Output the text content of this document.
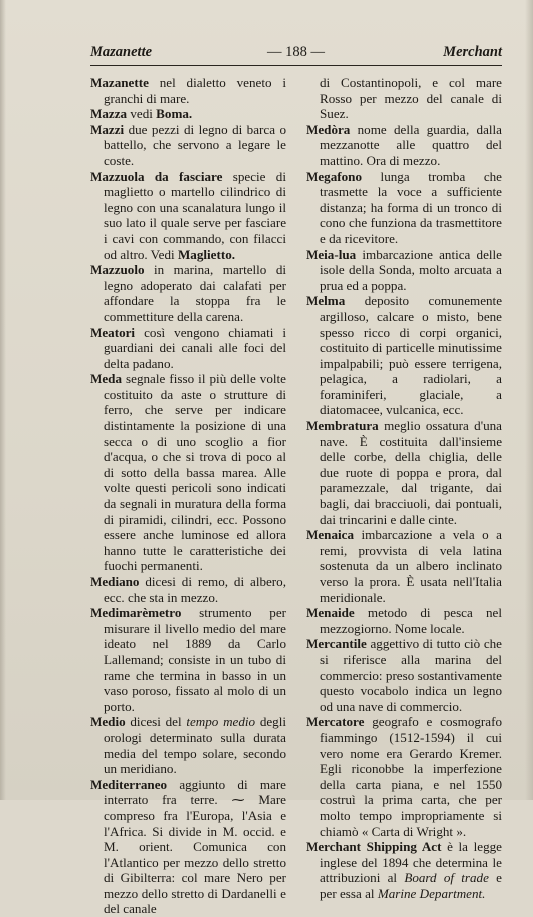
— 188 —
Mazanette	Merchant

Mazanette nel dialetto veneto i granchi di mare.

Mazza vedi Boma.

Mazzi due pezzi di legno di barca o battello, che servono a legare le coste.

Mazzuola da fasciare specie di maglietto o martello cilindrico di legno con una scanalatura lungo il suo lato il quale serve per fasciare i cavi con commando, con filacci od altro. Vedi Maglietto.

Mazzuolo in marina, martello di legno adoperato dai calafati per affondare la stoppa fra le commettiture della carena.

Meatori così vengono chiamati i guardiani dei canali alle foci del delta padano.

Meda segnale fisso il più delle volte costituito da aste o strutture di ferro, che serve per indicare distintamente la posizione di una secca o di uno scoglio a fior d'acqua, o che si trova di poco al di sotto della bassa marea. Alle volte questi pericoli sono indicati da segnali in muratura della forma di piramidi, cilindri, ecc. Possono essere anche luminose ed allora hanno tutte le caratteristiche dei fuochi permanenti.

Mediano dicesi di remo, di albero, ecc. che sta in mezzo.

Medimarèmetro strumento per misurare il livello medio del mare ideato nel 1889 da Carlo Lallemand; consiste in un tubo di rame che termina in basso in un vaso poroso, fissato al molo di un porto.

Medio dicesi del tempo medio degli orologi determinato sulla durata media del tempo solare, secondo un meridiano.

Mediterraneo aggiunto di mare interrato fra terre. ⁓ Mare compreso fra l'Europa, l'Asia e l'Africa. Si divide in M. occid. e M. orient. Comunica con l'Atlantico per mezzo dello stretto di Gibilterra: col mare Nero per mezzo dello stretto di Dardanelli e del canale

di Costantinopoli, e col mare Rosso per mezzo del canale di Suez.

Medòra nome della guardia, dalla mezzanotte alle quattro del mattino. Ora di mezzo.

Megafono lunga tromba che trasmette la voce a sufficiente distanza; ha forma di un tronco di cono che funziona da trasmettitore e da ricevitore.

Meia-lua imbarcazione antica delle isole della Sonda, molto arcuata a prua ed a poppa.

Melma deposito comunemente argilloso, calcare o misto, bene spesso ricco di corpi organici, costituito di particelle minutissime impalpabili; può essere terrigena, pelagica, a radiolari, a foraminiferi, glaciale, a diatomacee, vulcanica, ecc.

Membratura meglio ossatura d'una nave. È costituita dall'insieme delle corbe, della chiglia, delle due ruote di poppa e prora, dal paramezzale, dal trigante, dai bagli, dai bracciuoli, dai pontuali, dai trincarini e dalle cinte.

Menaica imbarcazione a vela o a remi, provvista di vela latina sostenuta da un albero inclinato verso la prora. È usata nell'Italia meridionale.

Menaide metodo di pesca nel mezzogiorno. Nome locale.

Mercantile aggettivo di tutto ciò che si riferisce alla marina del commercio: preso sostantivamente questo vocabolo indica un legno od una nave di commercio.

Mercatore geografo e cosmografo fiammingo (1512-1594) il cui vero nome era Gerardo Kremer. Egli riconobbe la imperfezione della carta piana, e nel 1550 costruì la prima carta, che per molto tempo impropriamente si chiamò « Carta di Wright ».

Merchant Shipping Act è la legge inglese del 1894 che determina le attribuzioni al Board of trade e per essa al Marine Department.
